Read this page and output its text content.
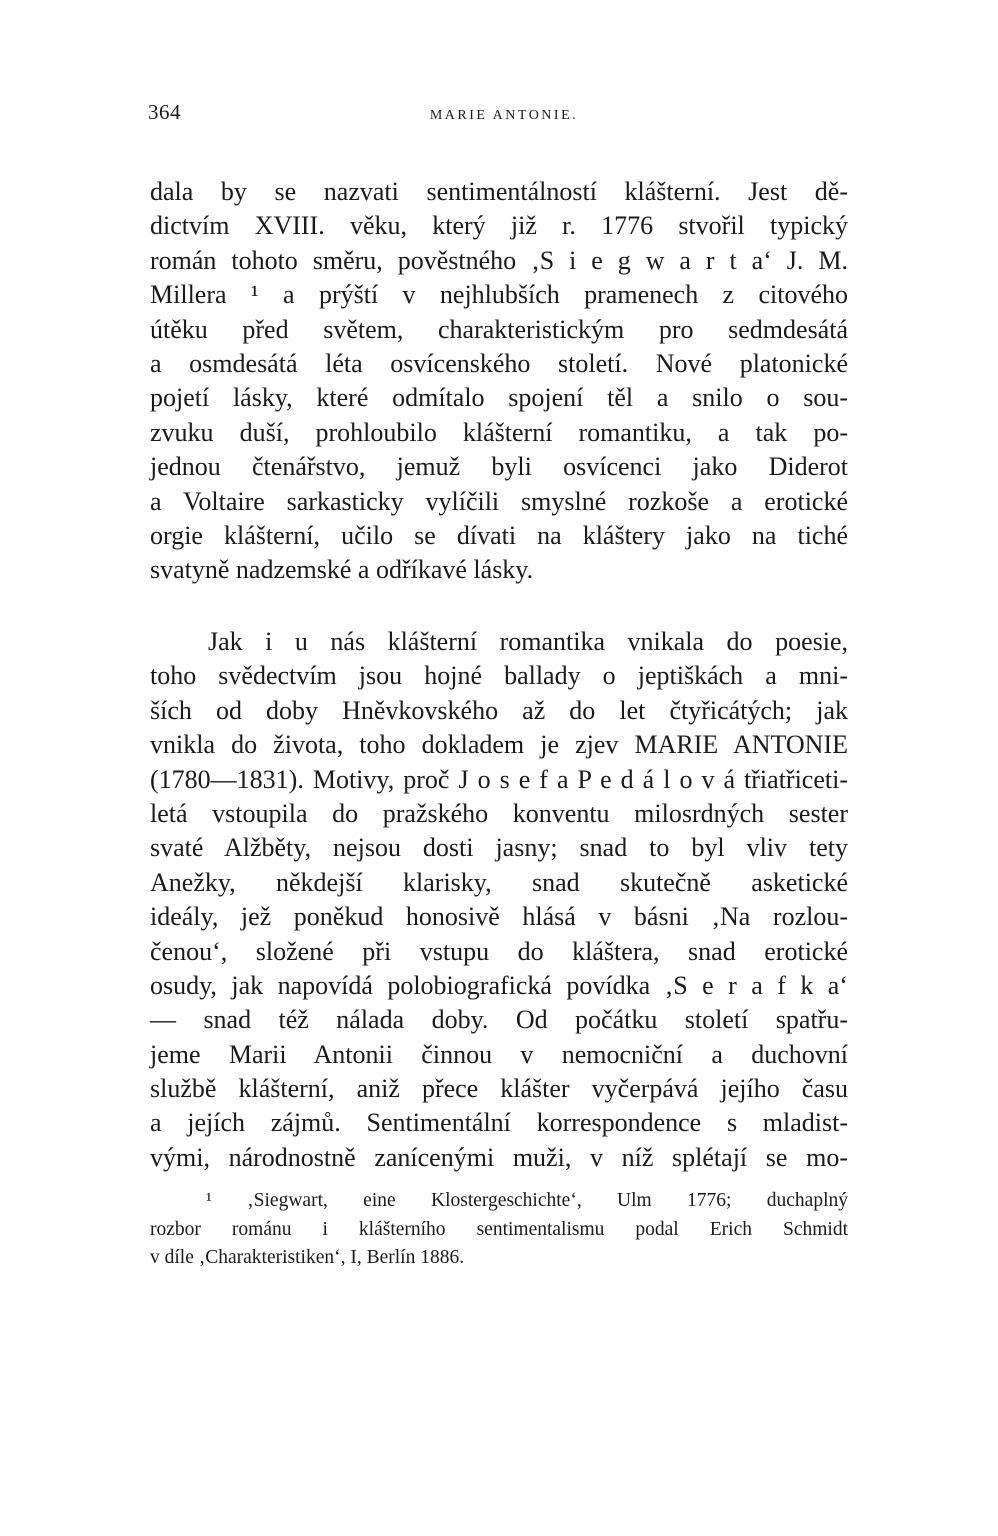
364	MARIE ANTONIE.
dala by se nazvati sentimentálností klášterní. Jest dě-
dictvím XVIII. věku, který již r. 1776 stvořil typický
román tohoto směru, pověstného ‚S i e g w a r t a‘ J. M.
Millera ¹ a prýští v nejhlubších pramenech z citového
útěku před světem, charakteristickým pro sedmdesátá
a osmdesátá léta osvícenského století. Nové platonické
pojetí lásky, které odmítalo spojení těl a snilo o sou-
zvuku duší, prohloubilo klášterní romantiku, a tak po-
jednou čtenářstvo, jemuž byli osvícenci jako Diderot
a Voltaire sarkasticky vylíčili smyslné rozkoše a erotické
orgie klášterní, učilo se dívati na kláštery jako na tiché
svatyně nadzemské a odříkavé lásky.
Jak i u nás klášterní romantika vnikala do poesie,
toho svědectvím jsou hojné ballady o jeptiškách a mni-
ších od doby Hněvkovského až do let čtyřicátých; jak
vnikla do života, toho dokladem je zjev MARIE ANTONIE
(1780—1831). Motivy, proč J o s e f a P e d á l o v á třiatřiceti-
letá vstoupila do pražského konventu milosrdných sester
svaté Alžběty, nejsou dosti jasny; snad to byl vliv tety
Anežky, někdejší klarisky, snad skutečně asketické
ideály, jež poněkud honosivě hlásá v básni ‚Na rozlou-
čenou‘, složené při vstupu do kláštera, snad erotické
osudy, jak napovídá polobiografická povídka ‚S e r a f k a‘
— snad též nálada doby. Od počátku století spatřu-
jeme Marii Antonii činnou v nemocniční a duchovní
službě klášterní, aniž přece klášter vyčerpává jejího času
a jejích zájmů. Sentimentální korrespondence s mladist-
vými, národnostně zanícenými muži, v níž splétají se mo-
¹ ‚Siegwart, eine Klostergeschichte‘, Ulm 1776; duchaplný
rozbor románu i klášterního sentimentalismu podal Erich Schmidt
v díle ‚Charakteristiken‘, I, Berlín 1886.
